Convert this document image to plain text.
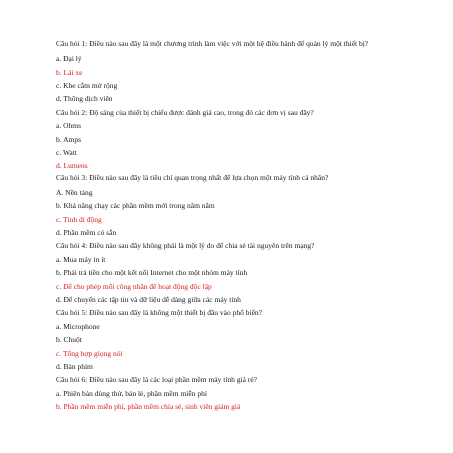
Câu hỏi 1: Điều nào sau đây là một chương trình làm việc với một hệ điều hành để quản lý một thiết bị?
a. Đại lý
b. Lái xe
c. Khe cắm mở rộng
d. Thông dịch viên
Câu hỏi 2: Độ sáng của thiết bị chiếu được đánh giá cao, trong đó các đơn vị sau đây?
a. Ohms
b. Amps
c. Watt
d. Lumens
Câu hỏi 3: Điều nào sau đây là tiêu chí quan trọng nhất để lựa chọn một máy tính cá nhân?
A. Nền tảng
b. Khả năng chạy các phần mềm mới trong năm năm
c. Tính di động
d. Phần mềm có sẵn
Câu hỏi 4: Điều nào sau đây không phải là một lý do để chia sẻ tài nguyên trên mạng?
a. Mua máy in ít
b. Phải trả tiền cho một kết nối Internet cho một nhóm máy tính
c. Để cho phép mỗi công nhân để hoạt động độc lập
d. Để chuyển các tập tin và dữ liệu dễ dàng giữa các máy tính
Câu hỏi 5: Điều nào sau đây là không một thiết bị đầu vào phổ biến?
a. Microphone
b. Chuột
c. Tổng hợp giọng nói
d. Bàn phím
Câu hỏi 6: Điều nào sau đây là các loại phần mềm máy tính giá rẻ?
a. Phiên bản dùng thử, bán lẻ, phần mềm miễn phí
b. Phần mềm miễn phí, phần mềm chia sẻ, sinh viên giảm giá
